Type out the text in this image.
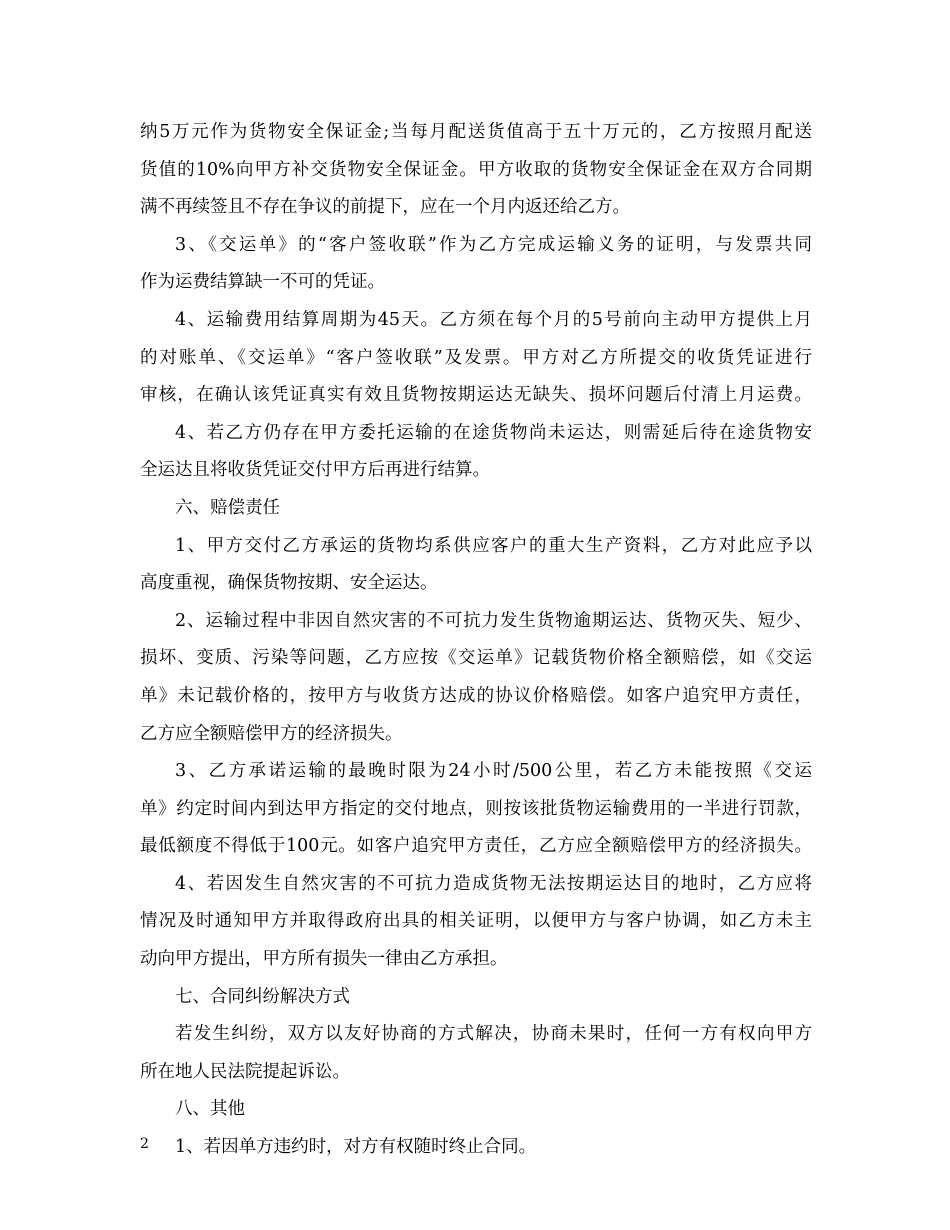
纳5万元作为货物安全保证金;当每月配送货值高于五十万元的，乙方按照月配送
货值的10%向甲方补交货物安全保证金。甲方收取的货物安全保证金在双方合同期
满不再续签且不存在争议的前提下，应在一个月内返还给乙方。
3、《交运单》的“客户签收联”作为乙方完成运输义务的证明，与发票共同
作为运费结算缺一不可的凭证。
4、运输费用结算周期为45天。乙方须在每个月的5号前向主动甲方提供上月
的对账单、《交运单》“客户签收联”及发票。甲方对乙方所提交的收货凭证进行
审核，在确认该凭证真实有效且货物按期运达无缺失、损坏问题后付清上月运费。
4、若乙方仍存在甲方委托运输的在途货物尚未运达，则需延后待在途货物安
全运达且将收货凭证交付甲方后再进行结算。
六、赔偿责任
1、甲方交付乙方承运的货物均系供应客户的重大生产资料，乙方对此应予以
高度重视，确保货物按期、安全运达。
2、运输过程中非因自然灾害的不可抗力发生货物逾期运达、货物灭失、短少、
损坏、变质、污染等问题，乙方应按《交运单》记载货物价格全额赔偿，如《交运
单》未记载价格的，按甲方与收货方达成的协议价格赔偿。如客户追究甲方责任，
乙方应全额赔偿甲方的经济损失。
3、乙方承诺运输的最晚时限为24小时/500公里，若乙方未能按照《交运
单》约定时间内到达甲方指定的交付地点，则按该批货物运输费用的一半进行罚款，
最低额度不得低于100元。如客户追究甲方责任，乙方应全额赔偿甲方的经济损失。
4、若因发生自然灾害的不可抗力造成货物无法按期运达目的地时，乙方应将
情况及时通知甲方并取得政府出具的相关证明，以便甲方与客户协调，如乙方未主
动向甲方提出，甲方所有损失一律由乙方承担。
七、合同纠纷解决方式
若发生纠纷，双方以友好协商的方式解决，协商未果时，任何一方有权向甲方
所在地人民法院提起诉讼。
八、其他
1、若因单方违约时，对方有权随时终止合同。
2
